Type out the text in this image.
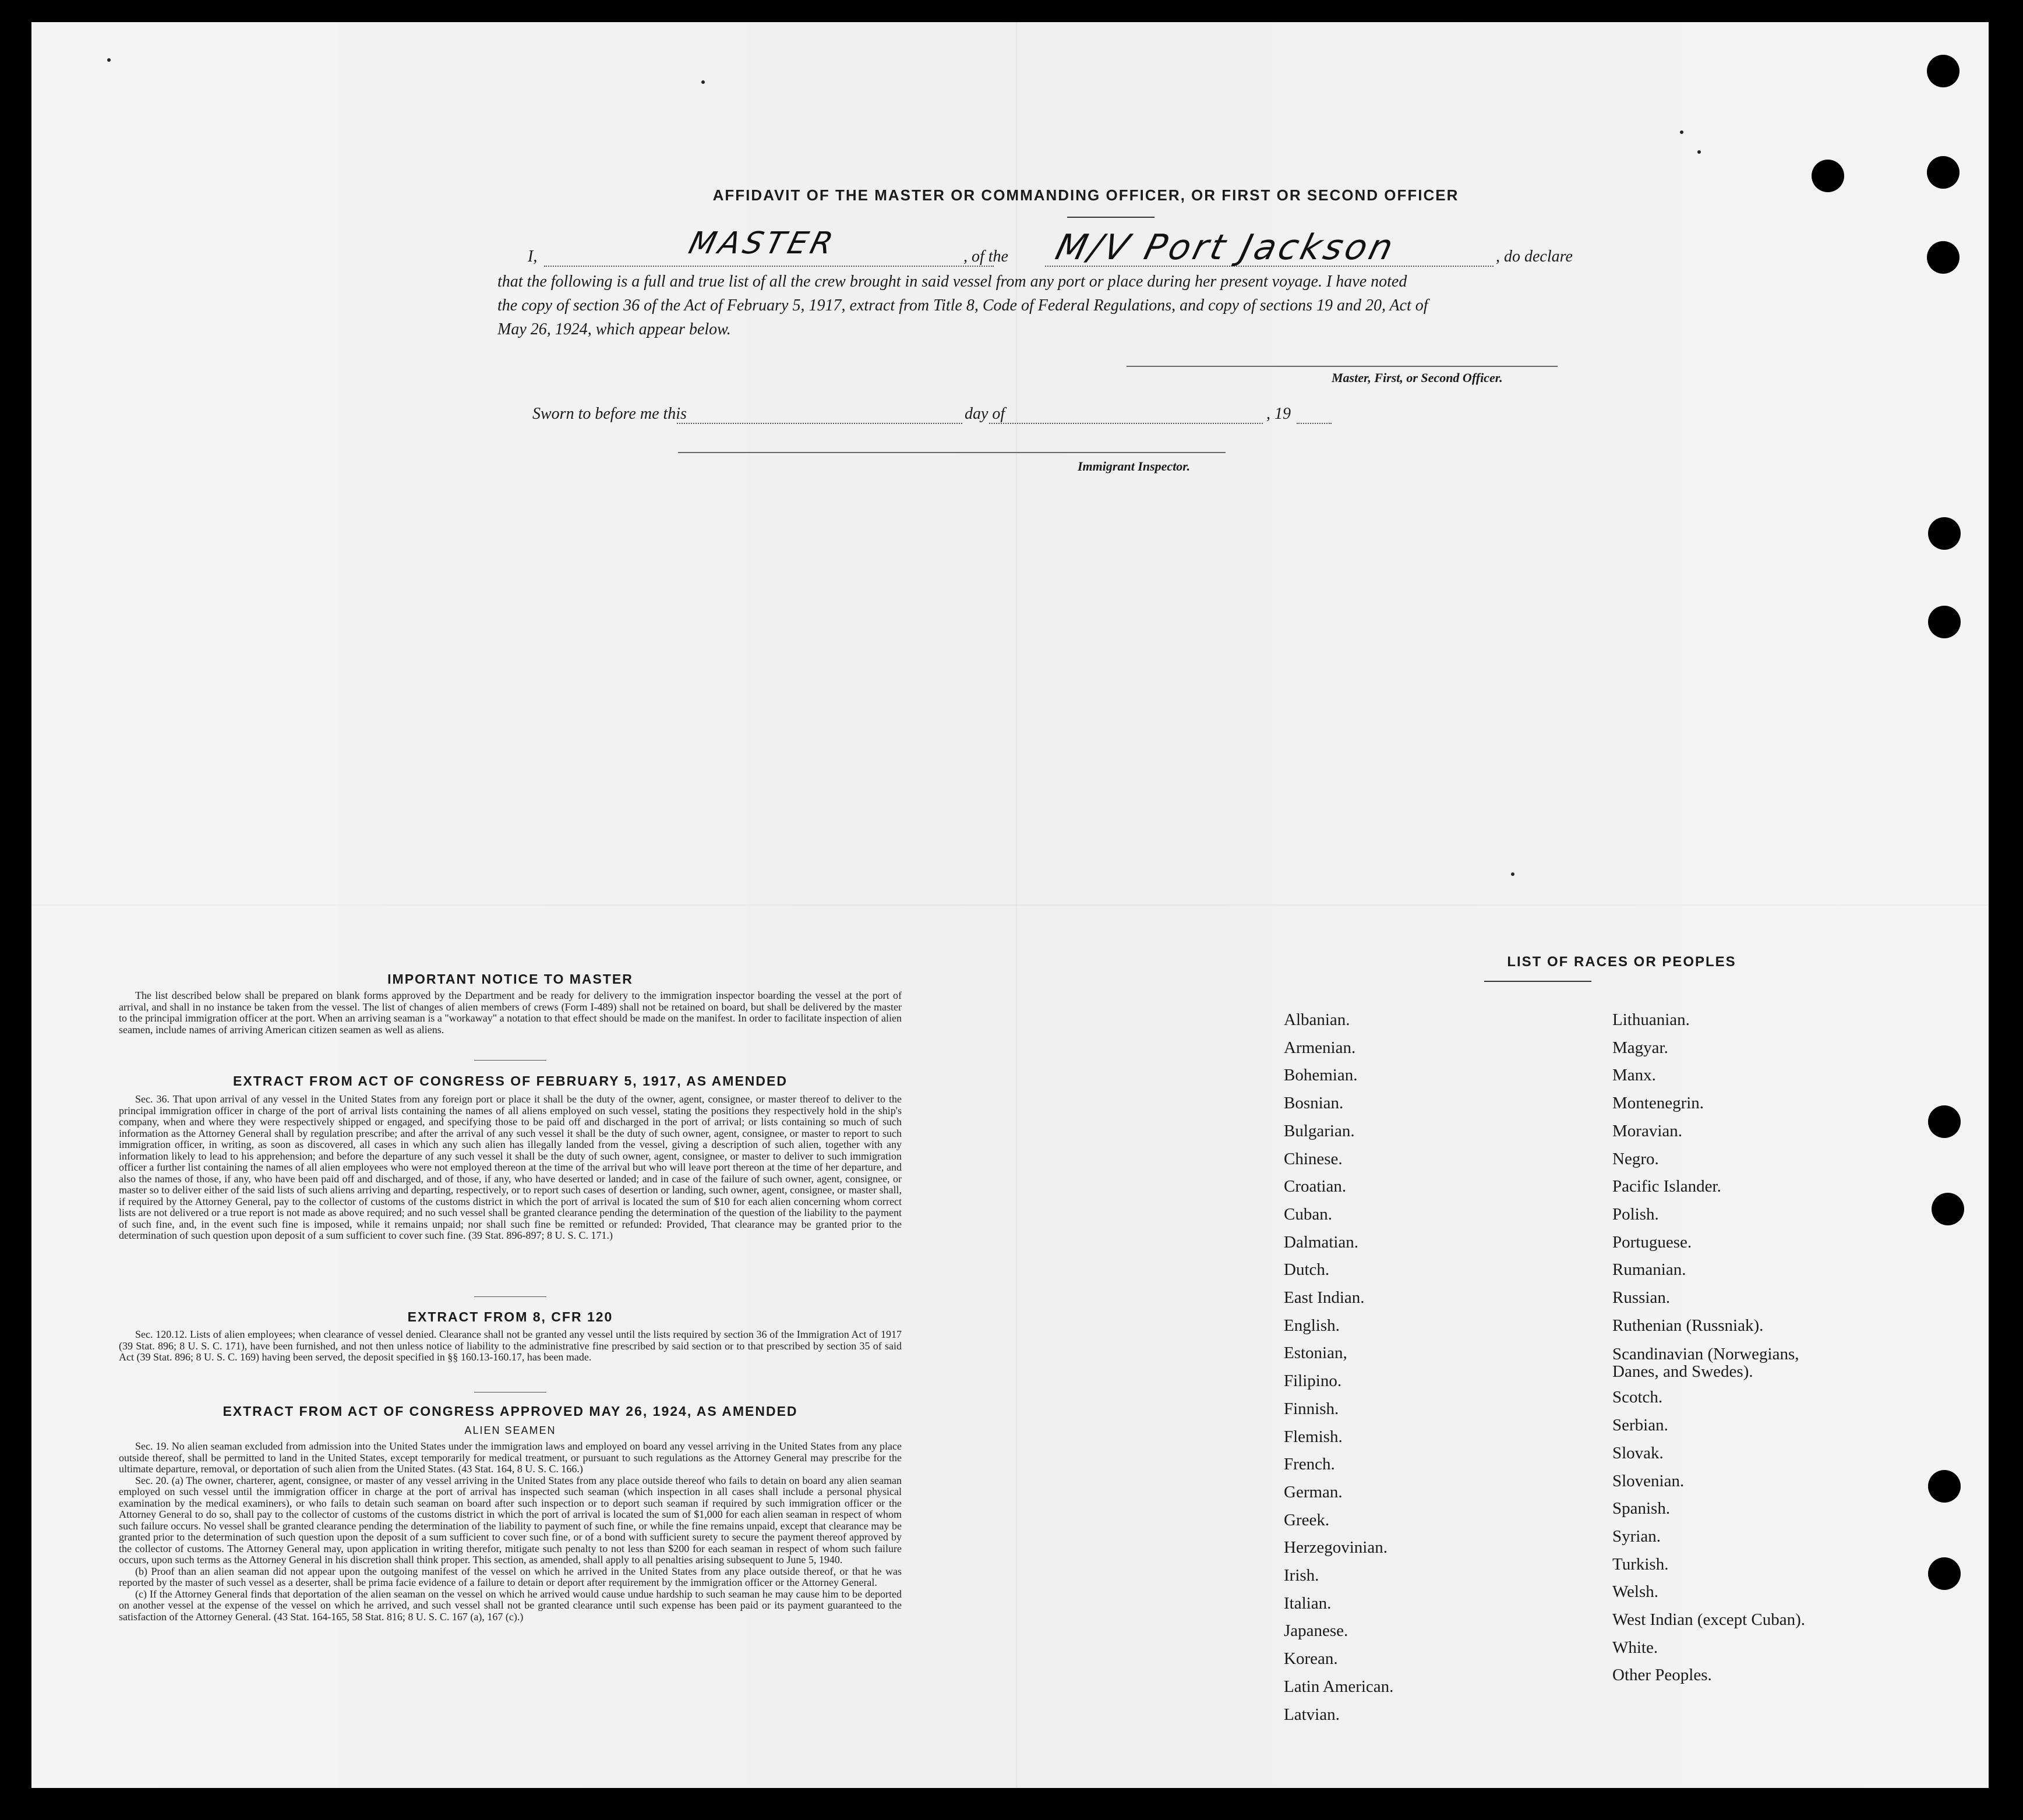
AFFIDAVIT OF THE MASTER OR COMMANDING OFFICER, OR FIRST OR SECOND OFFICER
I,	, of the	, do declare
MASTER	M/V Port Jackson
that the following is a full and true list of all the crew brought in said vessel from any port or place during her present voyage. I have noted
the copy of section 36 of the Act of February 5, 1917, extract from Title 8, Code of Federal Regulations, and copy of sections 19 and 20, Act of
May 26, 1924, which appear below.
Master, First, or Second Officer.
Sworn to before me this	day of	, 19
Immigrant Inspector.
IMPORTANT NOTICE TO MASTER

The list described below shall be prepared on blank forms approved by the Department and be ready for delivery to the immigration inspector boarding the vessel at the port of arrival, and shall in no instance be taken from the vessel. The list of changes of alien members of crews (Form I-489) shall not be retained on board, but shall be delivered by the master to the principal immigration officer at the port. When an arriving seaman is a "workaway" a notation to that effect should be made on the manifest. In order to facilitate inspection of alien seamen, include names of arriving American citizen seamen as well as aliens.

EXTRACT FROM ACT OF CONGRESS OF FEBRUARY 5, 1917, AS AMENDED

Sec. 36. That upon arrival of any vessel in the United States from any foreign port or place it shall be the duty of the owner, agent, consignee, or master thereof to deliver to the principal immigration officer in charge of the port of arrival lists containing the names of all aliens employed on such vessel, stating the positions they respectively hold in the ship's company, when and where they were respectively shipped or engaged, and specifying those to be paid off and discharged in the port of arrival; or lists containing so much of such information as the Attorney General shall by regulation prescribe; and after the arrival of any such vessel it shall be the duty of such owner, agent, consignee, or master to report to such immigration officer, in writing, as soon as discovered, all cases in which any such alien has illegally landed from the vessel, giving a description of such alien, together with any information likely to lead to his apprehension; and before the departure of any such vessel it shall be the duty of such owner, agent, consignee, or master to deliver to such immigration officer a further list containing the names of all alien employees who were not employed thereon at the time of the arrival but who will leave port thereon at the time of her departure, and also the names of those, if any, who have been paid off and discharged, and of those, if any, who have deserted or landed; and in case of the failure of such owner, agent, consignee, or master so to deliver either of the said lists of such aliens arriving and departing, respectively, or to report such cases of desertion or landing, such owner, agent, consignee, or master shall, if required by the Attorney General, pay to the collector of customs of the customs district in which the port of arrival is located the sum of $10 for each alien concerning whom correct lists are not delivered or a true report is not made as above required; and no such vessel shall be granted clearance pending the determination of the question of the liability to the payment of such fine, and, in the event such fine is imposed, while it remains unpaid; nor shall such fine be remitted or refunded: Provided, That clearance may be granted prior to the determination of such question upon deposit of a sum sufficient to cover such fine. (39 Stat. 896-897; 8 U. S. C. 171.)

EXTRACT FROM 8, CFR 120

Sec. 120.12. Lists of alien employees; when clearance of vessel denied. Clearance shall not be granted any vessel until the lists required by section 36 of the Immigration Act of 1917 (39 Stat. 896; 8 U. S. C. 171), have been furnished, and not then unless notice of liability to the administrative fine prescribed by said section or to that prescribed by section 35 of said Act (39 Stat. 896; 8 U. S. C. 169) having been served, the deposit specified in §§ 160.13-160.17, has been made.

EXTRACT FROM ACT OF CONGRESS APPROVED MAY 26, 1924, AS AMENDED
ALIEN SEAMEN

Sec. 19. No alien seaman excluded from admission into the United States under the immigration laws and employed on board any vessel arriving in the United States from any place outside thereof, shall be permitted to land in the United States, except temporarily for medical treatment, or pursuant to such regulations as the Attorney General may prescribe for the ultimate departure, removal, or deportation of such alien from the United States. (43 Stat. 164, 8 U. S. C. 166.)

Sec. 20. (a) The owner, charterer, agent, consignee, or master of any vessel arriving in the United States from any place outside thereof who fails to detain on board any alien seaman employed on such vessel until the immigration officer in charge at the port of arrival has inspected such seaman (which inspection in all cases shall include a personal physical examination by the medical examiners), or who fails to detain such seaman on board after such inspection or to deport such seaman if required by such immigration officer or the Attorney General to do so, shall pay to the collector of customs of the customs district in which the port of arrival is located the sum of $1,000 for each alien seaman in respect of whom such failure occurs. No vessel shall be granted clearance pending the determination of the liability to payment of such fine, or while the fine remains unpaid, except that clearance may be granted prior to the determination of such question upon the deposit of a sum sufficient to cover such fine, or of a bond with sufficient surety to secure the payment thereof approved by the collector of customs. The Attorney General may, upon application in writing therefor, mitigate such penalty to not less than $200 for each seaman in respect of whom such failure occurs, upon such terms as the Attorney General in his discretion shall think proper. This section, as amended, shall apply to all penalties arising subsequent to June 5, 1940.

(b) Proof than an alien seaman did not appear upon the outgoing manifest of the vessel on which he arrived in the United States from any place outside thereof, or that he was reported by the master of such vessel as a deserter, shall be prima facie evidence of a failure to detain or deport after requirement by the immigration officer or the Attorney General.

(c) If the Attorney General finds that deportation of the alien seaman on the vessel on which he arrived would cause undue hardship to such seaman he may cause him to be deported on another vessel at the expense of the vessel on which he arrived, and such vessel shall not be granted clearance until such expense has been paid or its payment guaranteed to the satisfaction of the Attorney General. (43 Stat. 164-165, 58 Stat. 816; 8 U. S. C. 167 (a), 167 (c).)

LIST OF RACES OR PEOPLES
Albanian.
Armenian.
Bohemian.
Bosnian.
Bulgarian.
Chinese.
Croatian.
Cuban.
Dalmatian.
Dutch.
East Indian.
English.
Estonian,
Filipino.
Finnish.
Flemish.
French.
German.
Greek.
Herzegovinian.
Irish.
Italian.
Japanese.
Korean.
Latin American.
Latvian.
Lithuanian.
Magyar.
Manx.
Montenegrin.
Moravian.
Negro.
Pacific Islander.
Polish.
Portuguese.
Rumanian.
Russian.
Ruthenian (Russniak).
Scandinavian (Norwegians,
Danes, and Swedes).
Scotch.
Serbian.
Slovak.
Slovenian.
Spanish.
Syrian.
Turkish.
Welsh.
West Indian (except Cuban).
White.
Other Peoples.
